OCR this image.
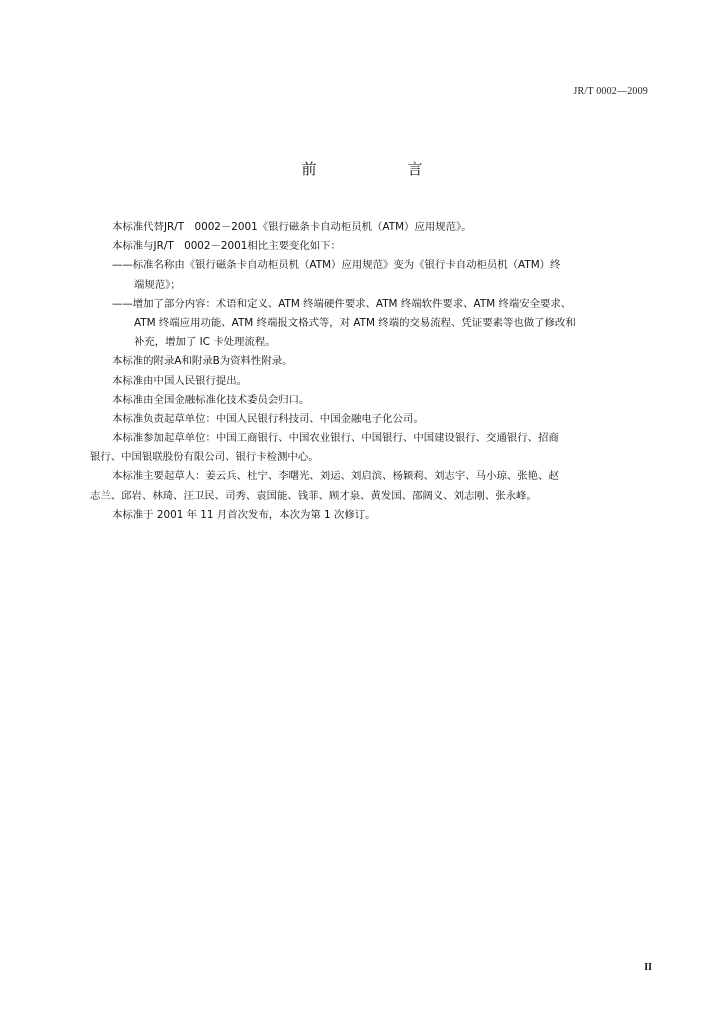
JR/T 0002—2009
前　言
本标准代替JR/T　0002－2001《银行磁条卡自动柜员机（ATM）应用规范》。
本标准与JR/T　0002－2001相比主要变化如下：
——标准名称由《银行磁条卡自动柜员机（ATM）应用规范》变为《银行卡自动柜员机（ATM）终
端规范》；
——增加了部分内容：术语和定义、ATM 终端硬件要求、ATM 终端软件要求、ATM 终端安全要求、
ATM 终端应用功能、ATM 终端报文格式等，对 ATM 终端的交易流程、凭证要素等也做了修改和
补充，增加了 IC 卡处理流程。
本标准的附录A和附录B为资料性附录。
本标准由中国人民银行提出。
本标准由全国金融标准化技术委员会归口。
本标准负责起草单位：中国人民银行科技司、中国金融电子化公司。
本标准参加起草单位：中国工商银行、中国农业银行、中国银行、中国建设银行、交通银行、招商
银行、中国银联股份有限公司、银行卡检测中心。
本标准主要起草人：姜云兵、杜宁、李曙光、刘运、刘启滨、杨颖莉、刘志宇、马小琼、张艳、赵
志兰、邱岩、林琦、汪卫民、司秀、袁国能、钱菲、顾才泉、黄发国、邵阔义、刘志刚、张永峰。
本标准于 2001 年 11 月首次发布，本次为第 1 次修订。
II
